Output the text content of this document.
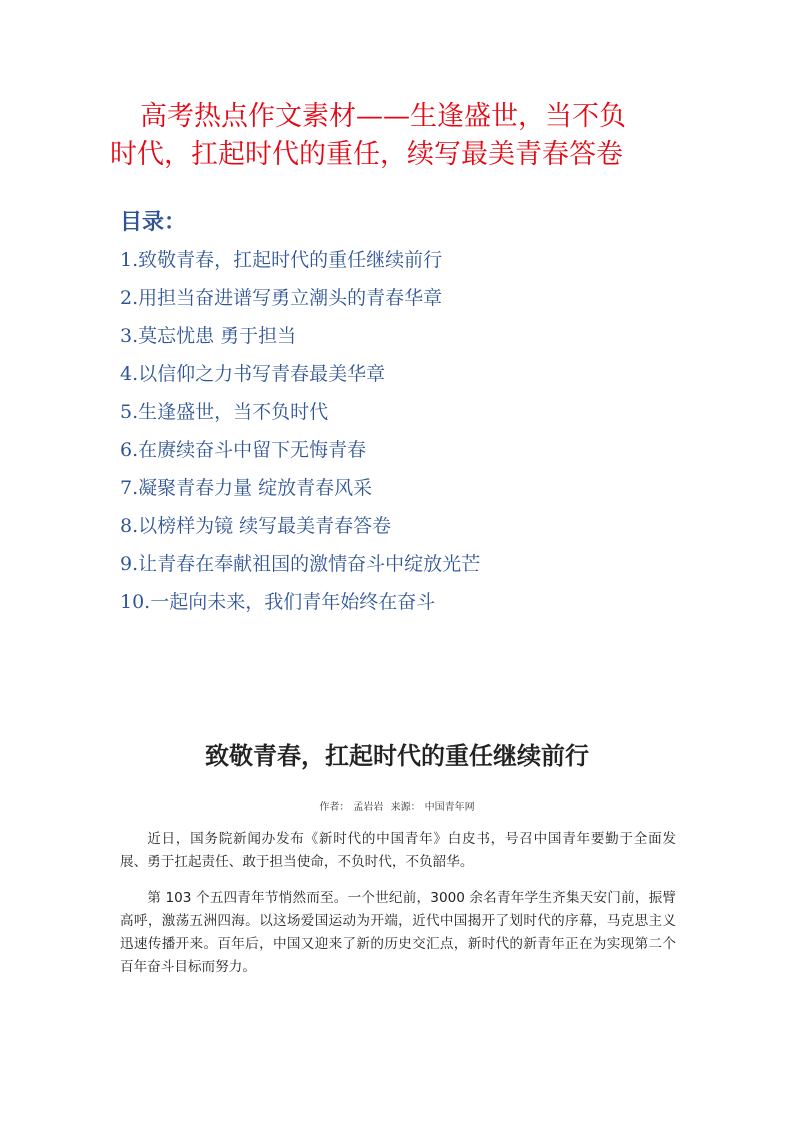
高考热点作文素材——生逢盛世，当不负
时代，扛起时代的重任，续写最美青春答卷
目录：
1.致敬青春，扛起时代的重任继续前行
2.用担当奋进谱写勇立潮头的青春华章
3.莫忘忧患 勇于担当
4.以信仰之力书写青春最美华章
5.生逢盛世，当不负时代
6.在赓续奋斗中留下无悔青春
7.凝聚青春力量 绽放青春风采
8.以榜样为镜 续写最美青春答卷
9.让青春在奉献祖国的激情奋斗中绽放光芒
10.一起向未来，我们青年始终在奋斗
致敬青春，扛起时代的重任继续前行
作者： 孟岩岩 来源： 中国青年网

近日，国务院新闻办发布《新时代的中国青年》白皮书，号召中国青年要勤于全面发展、勇于扛起责任、敢于担当使命，不负时代，不负韶华。

第 103 个五四青年节悄然而至。一个世纪前，3000 余名青年学生齐集天安门前，振臂高呼，激荡五洲四海。以这场爱国运动为开端，近代中国揭开了划时代的序幕，马克思主义迅速传播开来。百年后，中国又迎来了新的历史交汇点，新时代的新青年正在为实现第二个百年奋斗目标而努力。
